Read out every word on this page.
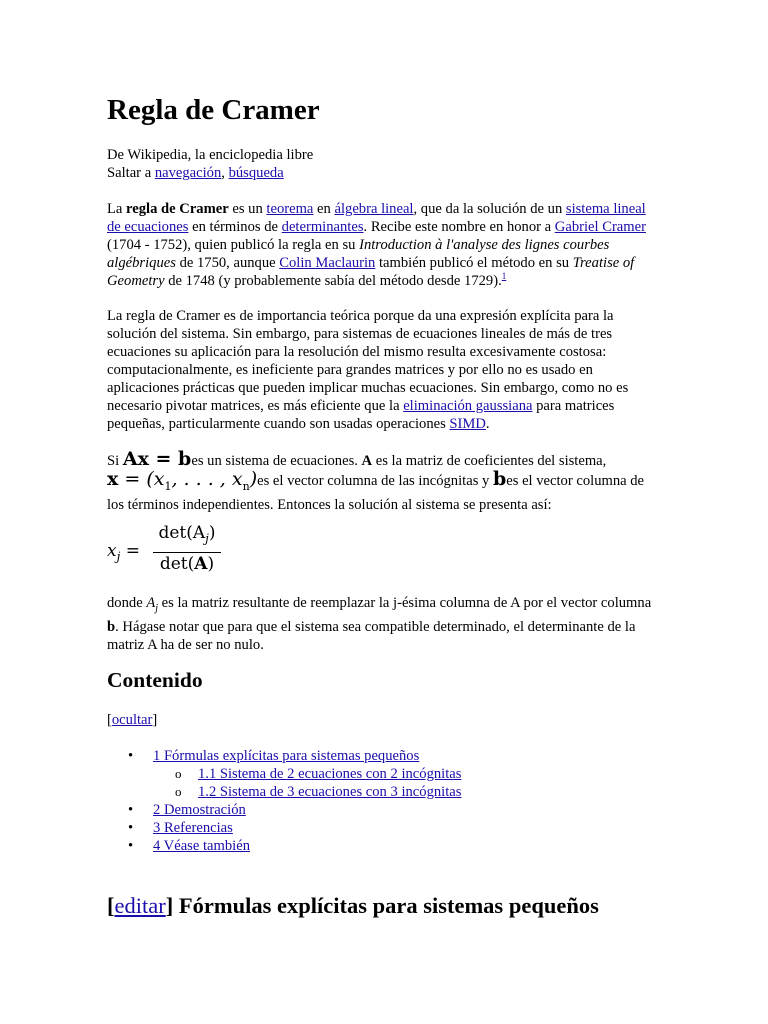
Regla de Cramer

De Wikipedia, la enciclopedia libre
Saltar a navegación, búsqueda

La regla de Cramer es un teorema en álgebra lineal, que da la solución de un sistema lineal de ecuaciones en términos de determinantes. Recibe este nombre en honor a Gabriel Cramer (1704 - 1752), quien publicó la regla en su Introduction à l'analyse des lignes courbes algébriques de 1750, aunque Colin Maclaurin también publicó el método en su Treatise of Geometry de 1748 (y probablemente sabía del método desde 1729).$^1$

La regla de Cramer es de importancia teórica porque da una expresión explícita para la solución del sistema. Sin embargo, para sistemas de ecuaciones lineales de más de tres ecuaciones su aplicación para la resolución del mismo resulta excesivamente costosa: computacionalmente, es ineficiente para grandes matrices y por ello no es usado en aplicaciones prácticas que pueden implicar muchas ecuaciones. Sin embargo, como no es necesario pivotar matrices, es más eficiente que la eliminación gaussiana para matrices pequeñas, particularmente cuando son usadas operaciones SIMD.

Si Ax = bes un sistema de ecuaciones. A es la matriz de coeficientes del sistema,
$x = (x_1$, . . . , $x_n)es$ el vector columna de las incógnitas y bes el vector columna de los términos independientes. Entonces la solución al sistema se presenta así:

$x_j$ =
$\det(A_j)$
det(A)

donde $A_j$ es la matriz resultante de reemplazar la j-ésima columna de A por el vector columna b. Hágase notar que para que el sistema sea compatible determinado, el determinante de la matriz A ha de ser no nulo.

Contenido

[ocultar]

• 1 Fórmulas explícitas para sistemas pequeños
o 1.1 Sistema de 2 ecuaciones con 2 incógnitas
o 1.2 Sistema de 3 ecuaciones con 3 incógnitas
• 2 Demostración
• 3 Referencias
• 4 Véase también
[editar] Fórmulas explícitas para sistemas pequeños
